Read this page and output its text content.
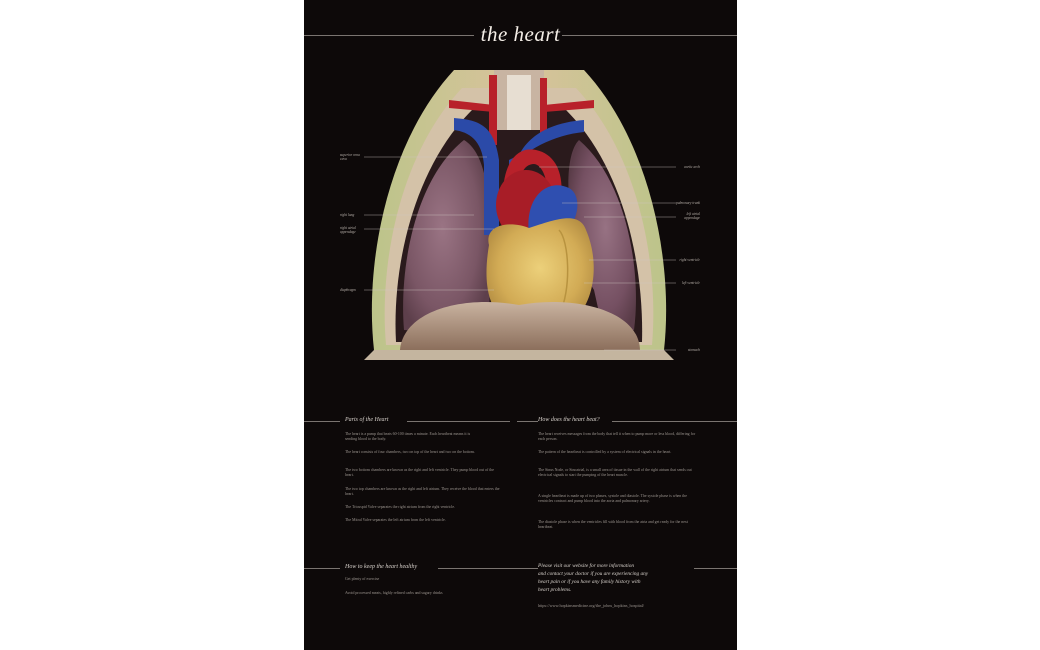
the heart
superior vena cava
right lung
right atrial appendage
diaphragm
aortic arch
pulmonary trunk
left atrial appendage
right ventricle
left ventricle
stomach
Parts of the Heart

The heart is a pump that beats 60-100 times a minute. Each heartbeat means it is sending blood to the body.

The heart consists of four chambers, two on top of the heart and two on the bottom.

The two bottom chambers are known as the right and left ventricle. They pump blood out of the heart.

The two top chambers are known as the right and left atrium. They receive the blood that enters the heart.

The Tricuspid Valve separates the right atrium from the right ventricle.

The Mitral Valve separates the left atrium from the left ventricle.

How does the heart beat?

The heart receives messages from the body that tell it when to pump more or less blood, differing for each person.

The pattern of the heartbeat is controlled by a system of electrical signals in the heart.

The Sinus Node, or Sinoatrial, is a small area of tissue in the wall of the right atrium that sends out electrical signals to start the pumping of the heart muscle.

A single heartbeat is made up of two phases, systole and diastole. The systole phase is when the ventricles contract and pump blood into the aorta and pulmonary artery.

The diastole phase is when the ventricles fill with blood from the atria and get ready for the next heartbeat.

How to keep the heart healthy

Get plenty of exercise

Avoid processed meats, highly refined carbs and sugary drinks

Please visit our website for more information
and contact your doctor if you are experiencing any
heart pain or if you have any family history with
heart problems.
https://www.hopkinsmedicine.org/the_johns_hopkins_hospital/
